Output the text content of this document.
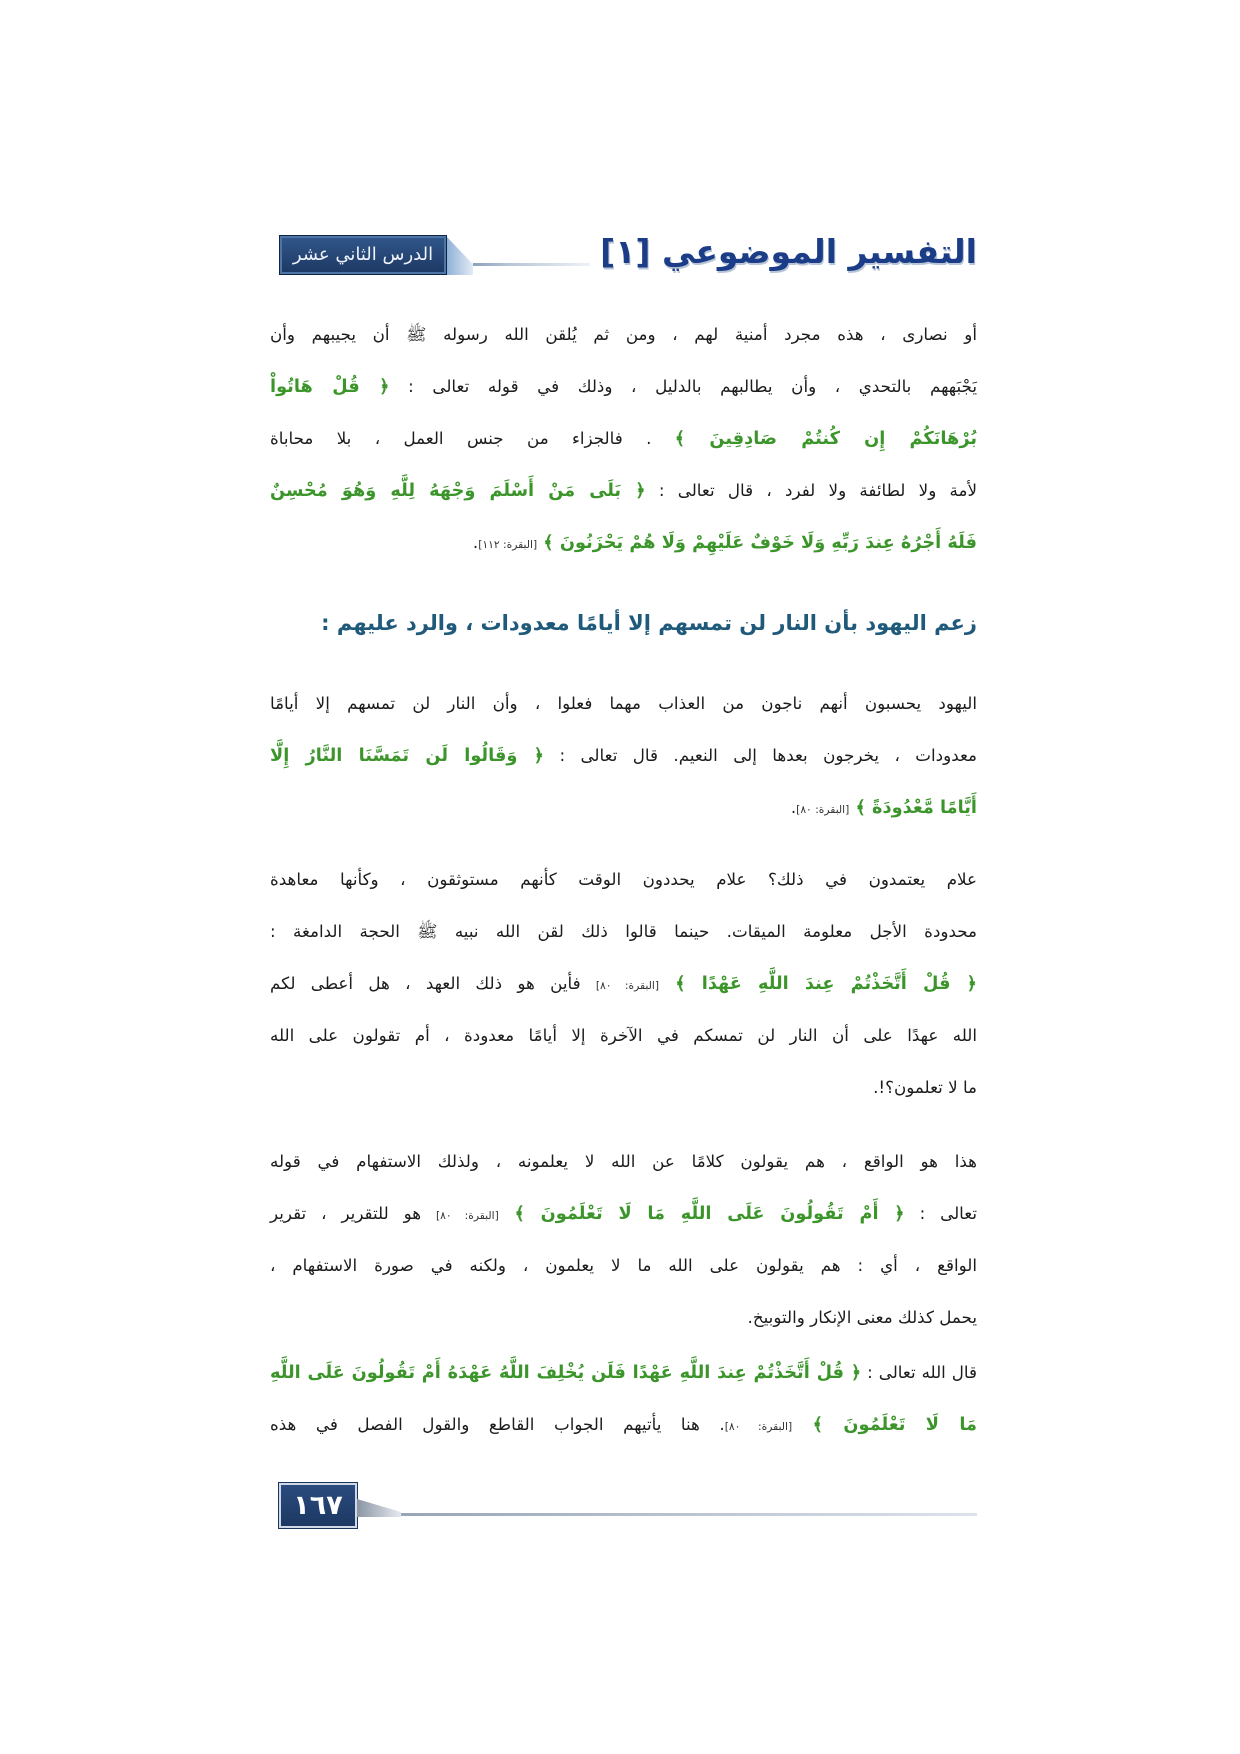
التفسير الموضوعي [١]
الدرس الثاني عشر
أو نصارى ، هذه مجرد أمنية لهم ، ومن ثم يُلقن الله رسوله ﷺ أن يجيبهم وأن
يَجْبَههم بالتحدي ، وأن يطالبهم بالدليل ، وذلك في قوله تعالى : ﴿ قُلْ هَاتُواْ
بُرْهَانَكُمْ إِن كُنتُمْ صَادِقِينَ ﴾ . فالجزاء من جنس العمل ، بلا محاباة
لأمة ولا لطائفة ولا لفرد ، قال تعالى : ﴿ بَلَى مَنْ أَسْلَمَ وَجْهَهُ لِلَّهِ وَهُوَ مُحْسِنٌ
فَلَهُ أَجْرُهُ عِندَ رَبِّهِ وَلَا خَوْفٌ عَلَيْهِمْ وَلَا هُمْ يَحْزَنُونَ ﴾ [البقرة: ١١٢].
زعم اليهود بأن النار لن تمسهم إلا أيامًا معدودات ، والرد عليهم :
اليهود يحسبون أنهم ناجون من العذاب مهما فعلوا ، وأن النار لن تمسهم إلا أيامًا
معدودات ، يخرجون بعدها إلى النعيم. قال تعالى : ﴿ وَقَالُوا لَن تَمَسَّنَا النَّارُ إِلَّا
أَيَّامًا مَّعْدُودَةً ﴾ [البقرة: ٨٠].
علام يعتمدون في ذلك؟ علام يحددون الوقت كأنهم مستوثقون ، وكأنها معاهدة
محدودة الأجل معلومة الميقات. حينما قالوا ذلك لقن الله نبيه ﷺ الحجة الدامغة :
﴿ قُلْ أَتَّخَذْتُمْ عِندَ اللَّهِ عَهْدًا ﴾ [البقرة: ٨٠] فأين هو ذلك العهد ، هل أعطى لكم
الله عهدًا على أن النار لن تمسكم في الآخرة إلا أيامًا معدودة ، أم تقولون على الله
ما لا تعلمون؟!.
هذا هو الواقع ، هم يقولون كلامًا عن الله لا يعلمونه ، ولذلك الاستفهام في قوله
تعالى : ﴿ أَمْ تَقُولُونَ عَلَى اللَّهِ مَا لَا تَعْلَمُونَ ﴾ [البقرة: ٨٠] هو للتقرير ، تقرير
الواقع ، أي : هم يقولون على الله ما لا يعلمون ، ولكنه في صورة الاستفهام ،
يحمل كذلك معنى الإنكار والتوبيخ.
قال الله تعالى : ﴿ قُلْ أَتَّخَذْتُمْ عِندَ اللَّهِ عَهْدًا فَلَن يُخْلِفَ اللَّهُ عَهْدَهُ أَمْ تَقُولُونَ عَلَى اللَّهِ
مَا لَا تَعْلَمُونَ ﴾ [البقرة: ٨٠]. هنا يأتيهم الجواب القاطع والقول الفصل في هذه
١٦٧
